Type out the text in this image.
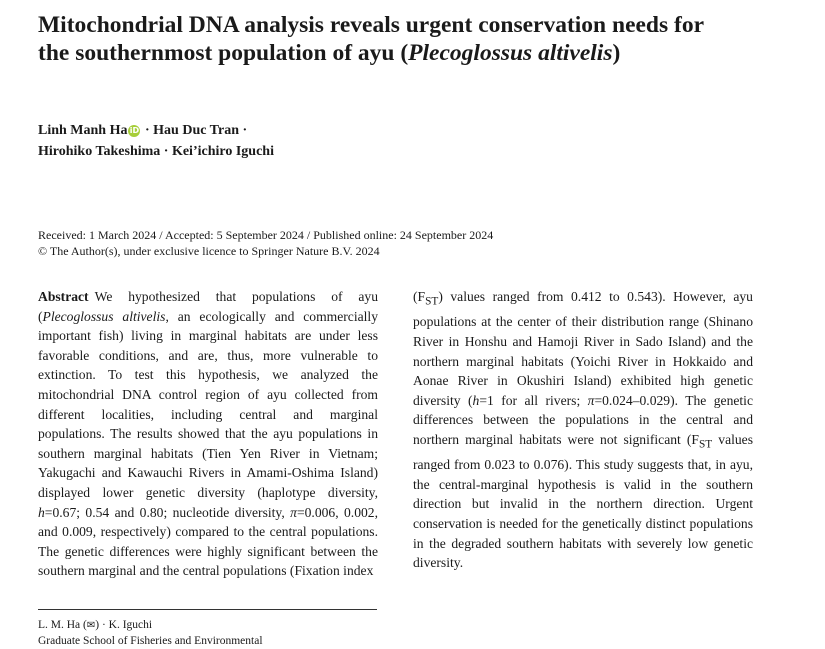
Mitochondrial DNA analysis reveals urgent conservation needs for the southernmost population of ayu (Plecoglossus altivelis)
Linh Manh Ha iD · Hau Duc Tran ·
Hirohiko Takeshima · Kei’ichiro Iguchi
Received: 1 March 2024 / Accepted: 5 September 2024 / Published online: 24 September 2024
© The Author(s), under exclusive licence to Springer Nature B.V. 2024

Abstract We hypothesized that populations of ayu (Plecoglossus altivelis, an ecologically and commercially important fish) living in marginal habitats are under less favorable conditions, and are, thus, more vulnerable to extinction. To test this hypothesis, we analyzed the mitochondrial DNA control region of ayu collected from different localities, including central and marginal populations. The results showed that the ayu populations in southern marginal habitats (Tien Yen River in Vietnam; Yakugachi and Kawauchi Rivers in Amami-Oshima Island) displayed lower genetic diversity (haplotype diversity, h=0.67; 0.54 and 0.80; nucleotide diversity, π=0.006, 0.002, and 0.009, respectively) compared to the central populations. The genetic differences were highly significant between the southern marginal and the central populations (Fixation index

$(F_{ST})$ values ranged from 0.412 to 0.543). However, ayu populations at the center of their distribution range (Shinano River in Honshu and Hamoji River in Sado Island) and the northern marginal habitats (Yoichi River in Hokkaido and Aonae River in Okushiri Island) exhibited high genetic diversity (h=1 for all rivers; π=0.024–0.029). The genetic differences between the populations in the central and northern marginal habitats were not significant ($F_{ST}$ values ranged from 0.023 to 0.076). This study suggests that, in ayu, the central-marginal hypothesis is valid in the southern direction but invalid in the northern direction. Urgent conservation is needed for the genetically distinct populations in the degraded southern habitats with severely low genetic diversity.

L. M. Ha (✉) · K. Iguchi
Graduate School of Fisheries and Environmental
